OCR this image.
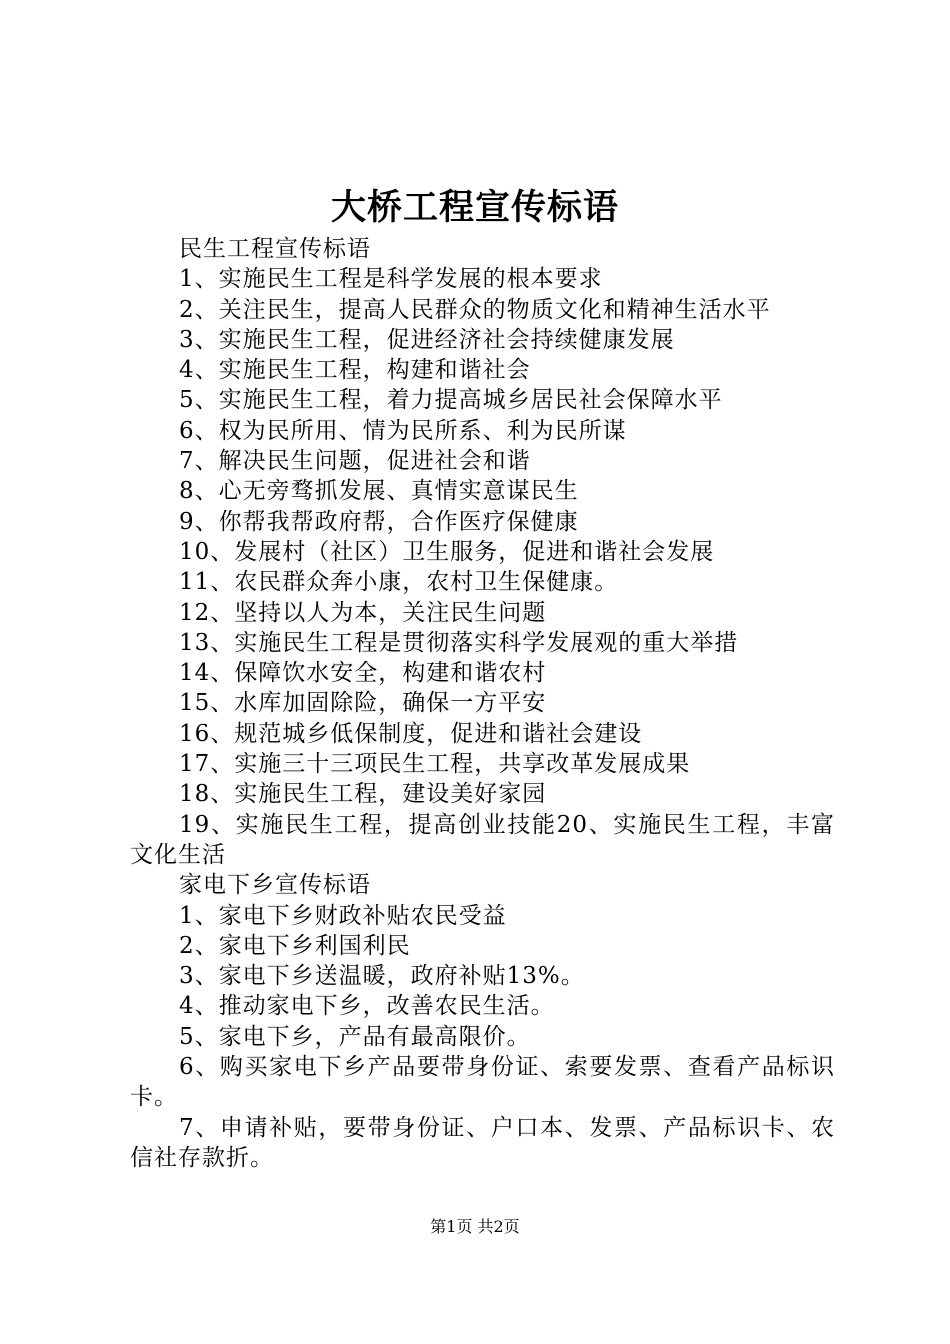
大桥工程宣传标语

民生工程宣传标语

1、实施民生工程是科学发展的根本要求

2、关注民生，提高人民群众的物质文化和精神生活水平

3、实施民生工程，促进经济社会持续健康发展

4、实施民生工程，构建和谐社会

5、实施民生工程，着力提高城乡居民社会保障水平

6、权为民所用、情为民所系、利为民所谋

7、解决民生问题，促进社会和谐

8、心无旁骛抓发展、真情实意谋民生

9、你帮我帮政府帮，合作医疗保健康

10、发展村（社区）卫生服务，促进和谐社会发展

11、农民群众奔小康，农村卫生保健康。

12、坚持以人为本，关注民生问题

13、实施民生工程是贯彻落实科学发展观的重大举措

14、保障饮水安全，构建和谐农村

15、水库加固除险，确保一方平安

16、规范城乡低保制度，促进和谐社会建设

17、实施三十三项民生工程，共享改革发展成果

18、实施民生工程，建设美好家园

19、实施民生工程，提高创业技能20、实施民生工程，丰富文化生活

家电下乡宣传标语

1、家电下乡财政补贴农民受益

2、家电下乡利国利民

3、家电下乡送温暖，政府补贴13%。

4、推动家电下乡，改善农民生活。

5、家电下乡，产品有最高限价。

6、购买家电下乡产品要带身份证、索要发票、查看产品标识卡。

7、申请补贴，要带身份证、户口本、发票、产品标识卡、农信社存款折。

第1页 共2页
